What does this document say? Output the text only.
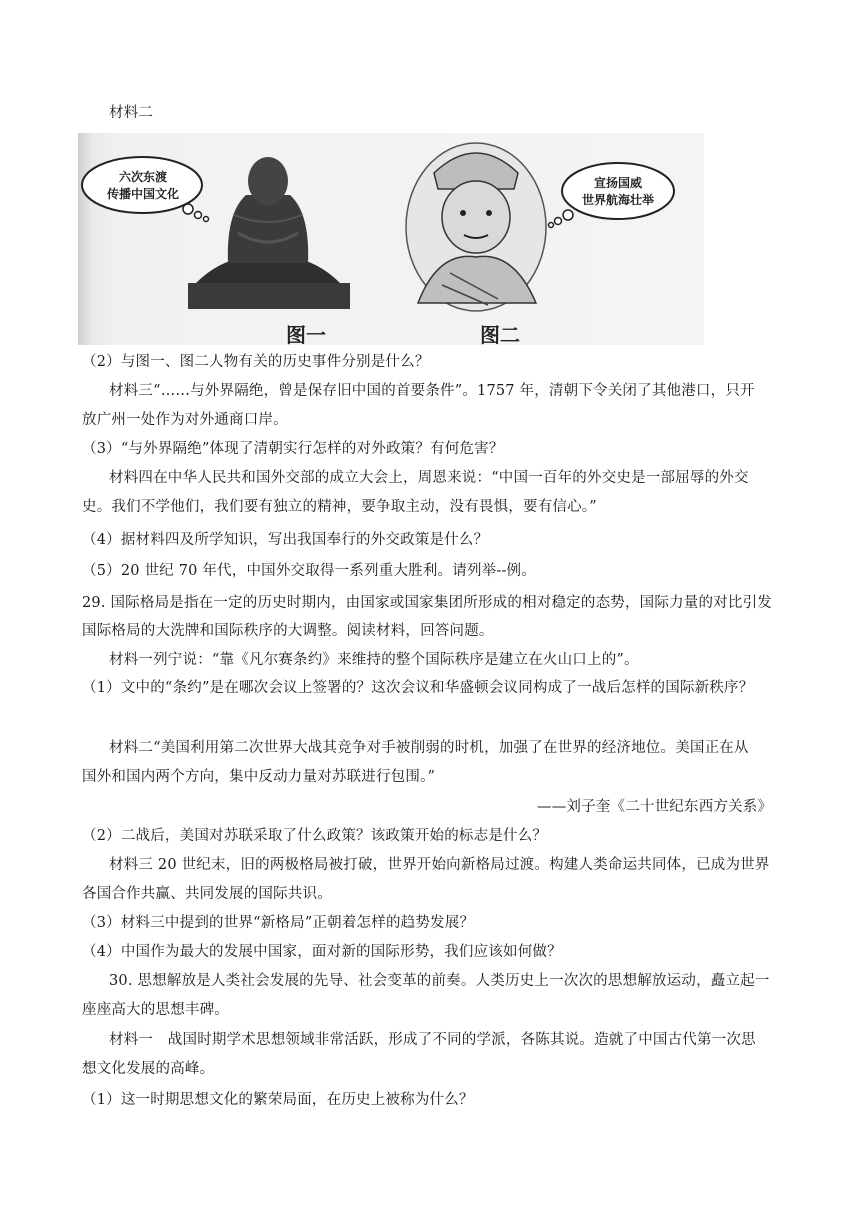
材料二
六次东渡
传播中国文化
宣扬国威
世界航海壮举
图一	图二
（2）与图一、图二人物有关的历史事件分别是什么？
材料三“……与外界隔绝，曾是保存旧中国的首要条件”。1757 年，清朝下令关闭了其他港口，只开
放广州一处作为对外通商口岸。
（3）“与外界隔绝”体现了清朝实行怎样的对外政策？有何危害？
材料四在中华人民共和国外交部的成立大会上，周恩来说：“中国一百年的外交史是一部屈辱的外交
史。我们不学他们，我们要有独立的精神，要争取主动，没有畏惧，要有信心。”
（4）据材料四及所学知识，写出我国奉行的外交政策是什么？
（5）20 世纪 70 年代，中国外交取得一系列重大胜利。请列举--例。
29. 国际格局是指在一定的历史时期内，由国家或国家集团所形成的相对稳定的态势，国际力量的对比引发
国际格局的大洗牌和国际秩序的大调整。阅读材料，回答问题。
材料一列宁说：“靠《凡尔赛条约》来维持的整个国际秩序是建立在火山口上的”。
（1）文中的“条约”是在哪次会议上签署的？这次会议和华盛顿会议同构成了一战后怎样的国际新秩序？
材料二“美国利用第二次世界大战其竞争对手被削弱的时机，加强了在世界的经济地位。美国正在从
国外和国内两个方向，集中反动力量对苏联进行包围。”
——刘子奎《二十世纪东西方关系》
（2）二战后，美国对苏联采取了什么政策？该政策开始的标志是什么？
材料三 20 世纪末，旧的两极格局被打破，世界开始向新格局过渡。构建人类命运共同体，已成为世界
各国合作共赢、共同发展的国际共识。
（3）材料三中提到的世界“新格局”正朝着怎样的趋势发展？
（4）中国作为最大的发展中国家，面对新的国际形势，我们应该如何做？
30. 思想解放是人类社会发展的先导、社会变革的前奏。人类历史上一次次的思想解放运动，矗立起一
座座高大的思想丰碑。
材料一　战国时期学术思想领域非常活跃，形成了不同的学派，各陈其说。造就了中国古代第一次思
想文化发展的高峰。
（1）这一时期思想文化的繁荣局面，在历史上被称为什么？
